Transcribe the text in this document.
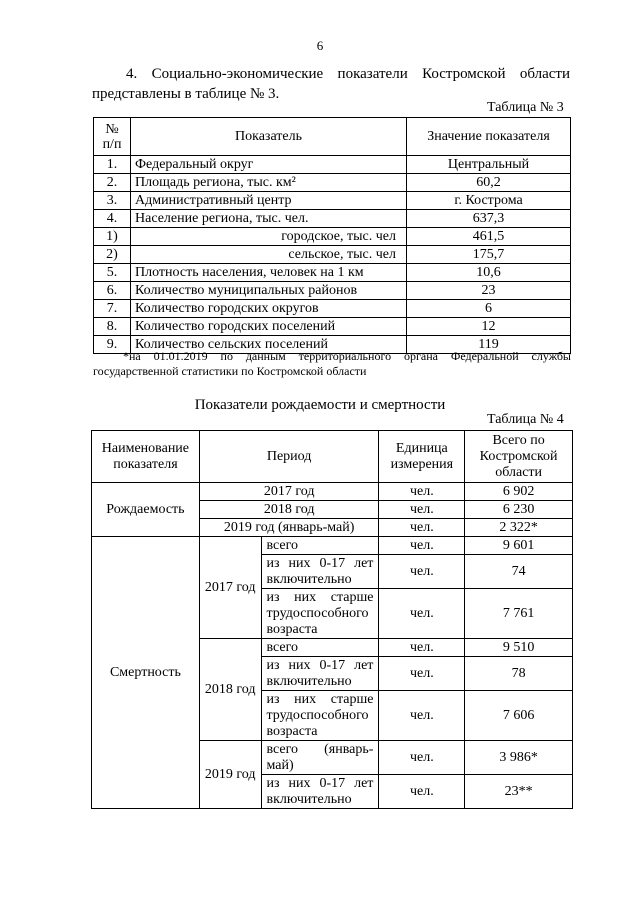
6
4. Социально-экономические показатели Костромской области
представлены в таблице № 3.
Таблица № 3
№ п/п	Показатель	Значение показателя
1.	Федеральный округ	Центральный
2.	Площадь региона, тыс. км²	60,2
3.	Административный центр	г. Кострома
4.	Население региона, тыс. чел.	637,3
1)	городское, тыс. чел	461,5
2)	сельское, тыс. чел	175,7
5.	Плотность населения, человек на 1 км	10,6
6.	Количество муниципальных районов	23
7.	Количество городских округов	6
8.	Количество городских поселений	12
9.	Количество сельских поселений	119
*на 01.01.2019 по данным территориального органа Федеральной службы
государственной статистики по Костромской области
Показатели рождаемости и смертности
Таблица № 4
Наименование показателя	Период		Единица измерения	Всего по Костромской области
Рождаемость	2017 год		чел.	6 902
	2018 год		чел.	6 230
	2019 год (январь-май)		чел.	2 322*
Смертность	2017 год	всего	чел.	9 601
		из них 0-17 лет включительно	чел.	74
		из них старше трудоспособного возраста	чел.	7 761
	2018 год	всего	чел.	9 510
		из них 0-17 лет включительно	чел.	78
		из них старше трудоспособного возраста	чел.	7 606
	2019 год	всего (январь-май)	чел.	3 986*
		из них 0-17 лет включительно	чел.	23**
